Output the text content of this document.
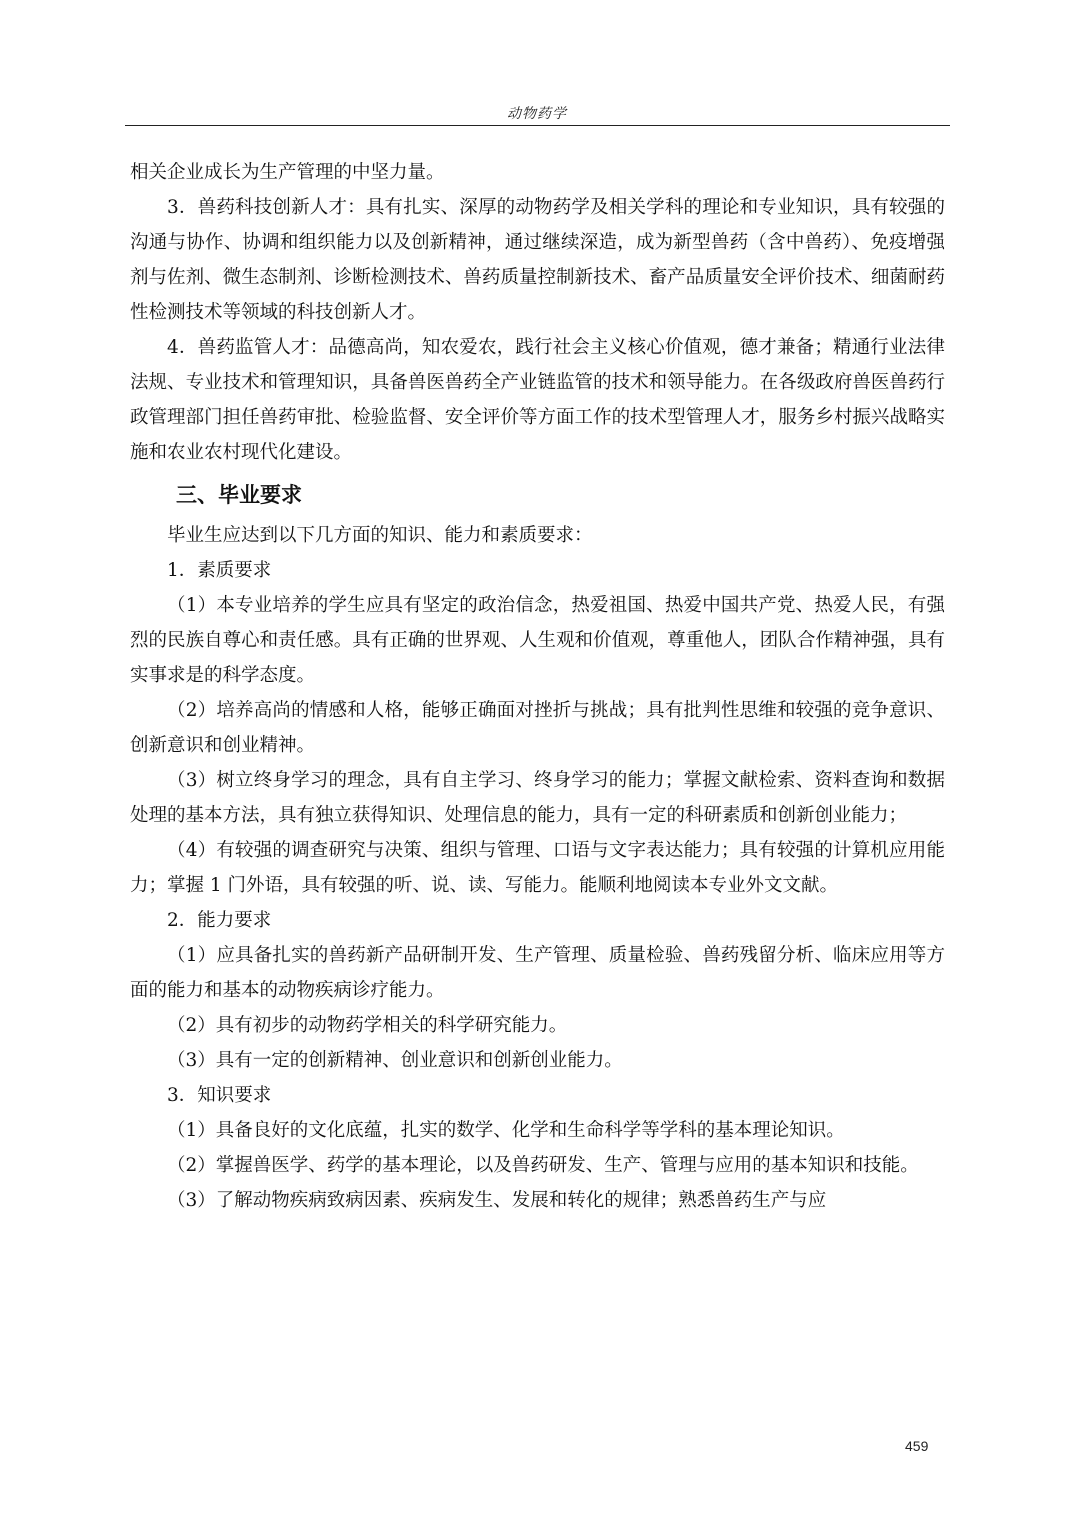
动物药学

相关企业成长为生产管理的中坚力量。

3．兽药科技创新人才：具有扎实、深厚的动物药学及相关学科的理论和专业知识，具有较强的沟通与协作、协调和组织能力以及创新精神，通过继续深造，成为新型兽药（含中兽药）、免疫增强剂与佐剂、微生态制剂、诊断检测技术、兽药质量控制新技术、畜产品质量安全评价技术、细菌耐药性检测技术等领域的科技创新人才。

4．兽药监管人才：品德高尚，知农爱农，践行社会主义核心价值观，德才兼备；精通行业法律法规、专业技术和管理知识，具备兽医兽药全产业链监管的技术和领导能力。在各级政府兽医兽药行政管理部门担任兽药审批、检验监督、安全评价等方面工作的技术型管理人才，服务乡村振兴战略实施和农业农村现代化建设。

三、毕业要求

毕业生应达到以下几方面的知识、能力和素质要求：

1．素质要求

（1）本专业培养的学生应具有坚定的政治信念，热爱祖国、热爱中国共产党、热爱人民，有强烈的民族自尊心和责任感。具有正确的世界观、人生观和价值观，尊重他人，团队合作精神强，具有实事求是的科学态度。

（2）培养高尚的情感和人格，能够正确面对挫折与挑战；具有批判性思维和较强的竞争意识、创新意识和创业精神。

（3）树立终身学习的理念，具有自主学习、终身学习的能力；掌握文献检索、资料查询和数据处理的基本方法，具有独立获得知识、处理信息的能力，具有一定的科研素质和创新创业能力；

（4）有较强的调查研究与决策、组织与管理、口语与文字表达能力；具有较强的计算机应用能力；掌握 1 门外语，具有较强的听、说、读、写能力。能顺利地阅读本专业外文文献。

2．能力要求

（1）应具备扎实的兽药新产品研制开发、生产管理、质量检验、兽药残留分析、临床应用等方面的能力和基本的动物疾病诊疗能力。

（2）具有初步的动物药学相关的科学研究能力。

（3）具有一定的创新精神、创业意识和创新创业能力。

3．知识要求

（1）具备良好的文化底蕴，扎实的数学、化学和生命科学等学科的基本理论知识。

（2）掌握兽医学、药学的基本理论，以及兽药研发、生产、管理与应用的基本知识和技能。

（3）了解动物疾病致病因素、疾病发生、发展和转化的规律；熟悉兽药生产与应

459
